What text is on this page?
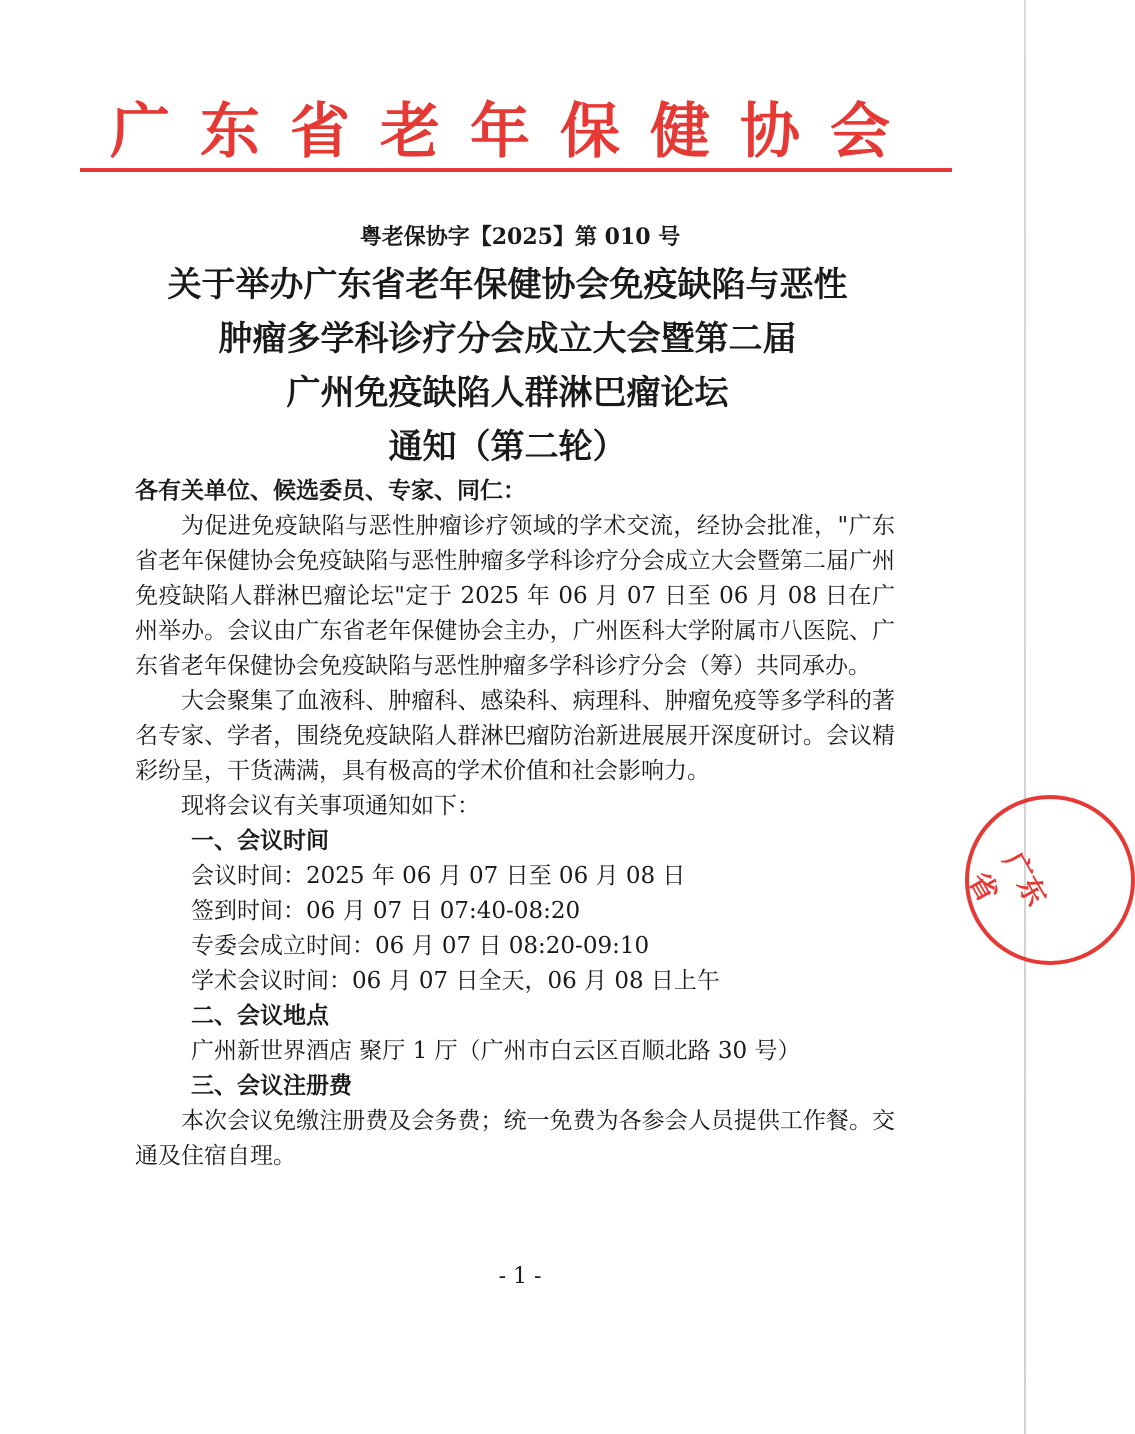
广东省老年保健协会
粤老保协字【2025】第 010 号
关于举办广东省老年保健协会免疫缺陷与恶性
肿瘤多学科诊疗分会成立大会暨第二届
广州免疫缺陷人群淋巴瘤论坛
通知（第二轮）
各有关单位、候选委员、专家、同仁：
为促进免疫缺陷与恶性肿瘤诊疗领域的学术交流，经协会批准，"广东省老年保健协会免疫缺陷与恶性肿瘤多学科诊疗分会成立大会暨第二届广州免疫缺陷人群淋巴瘤论坛"定于 2025 年 06 月 07 日至 06 月 08 日在广州举办。会议由广东省老年保健协会主办，广州医科大学附属市八医院、广东省老年保健协会免疫缺陷与恶性肿瘤多学科诊疗分会（筹）共同承办。
大会聚集了血液科、肿瘤科、感染科、病理科、肿瘤免疫等多学科的著名专家、学者，围绕免疫缺陷人群淋巴瘤防治新进展展开深度研讨。会议精彩纷呈，干货满满，具有极高的学术价值和社会影响力。
现将会议有关事项通知如下：
一、会议时间
会议时间：2025 年 06 月 07 日至 06 月 08 日
签到时间：06 月 07 日 07:40-08:20
专委会成立时间：06 月 07 日 08:20-09:10
学术会议时间：06 月 07 日全天，06 月 08 日上午
二、会议地点
广州新世界酒店 聚厅 1 厅（广州市白云区百顺北路 30 号）
三、会议注册费
本次会议免缴注册费及会务费；统一免费为各参会人员提供工作餐。交通及住宿自理。
广东省
- 1 -
